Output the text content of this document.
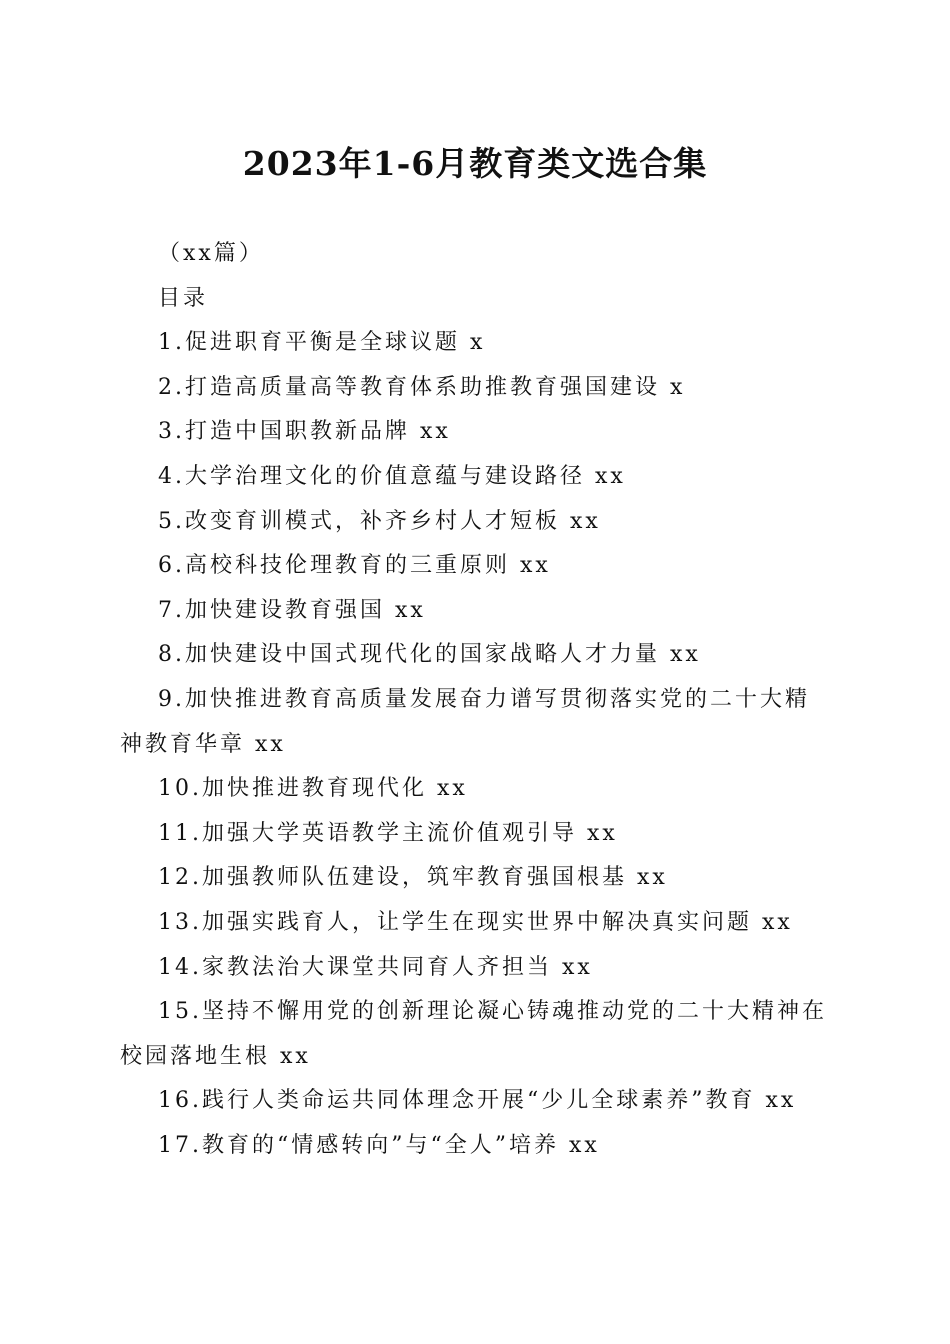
2023年1-6月教育类文选合集

（xx篇）

目录

1.促进职育平衡是全球议题 x

2.打造高质量高等教育体系助推教育强国建设 x

3.打造中国职教新品牌 xx

4.大学治理文化的价值意蕴与建设路径 xx

5.改变育训模式，补齐乡村人才短板 xx

6.高校科技伦理教育的三重原则 xx

7.加快建设教育强国 xx

8.加快建设中国式现代化的国家战略人才力量 xx

9.加快推进教育高质量发展奋力谱写贯彻落实党的二十大精神教育华章 xx

10.加快推进教育现代化 xx

11.加强大学英语教学主流价值观引导 xx

12.加强教师队伍建设，筑牢教育强国根基 xx

13.加强实践育人，让学生在现实世界中解决真实问题 xx

14.家教法治大课堂共同育人齐担当 xx

15.坚持不懈用党的创新理论凝心铸魂推动党的二十大精神在校园落地生根 xx

16.践行人类命运共同体理念开展“少儿全球素养”教育 xx

17.教育的“情感转向”与“全人”培养 xx
